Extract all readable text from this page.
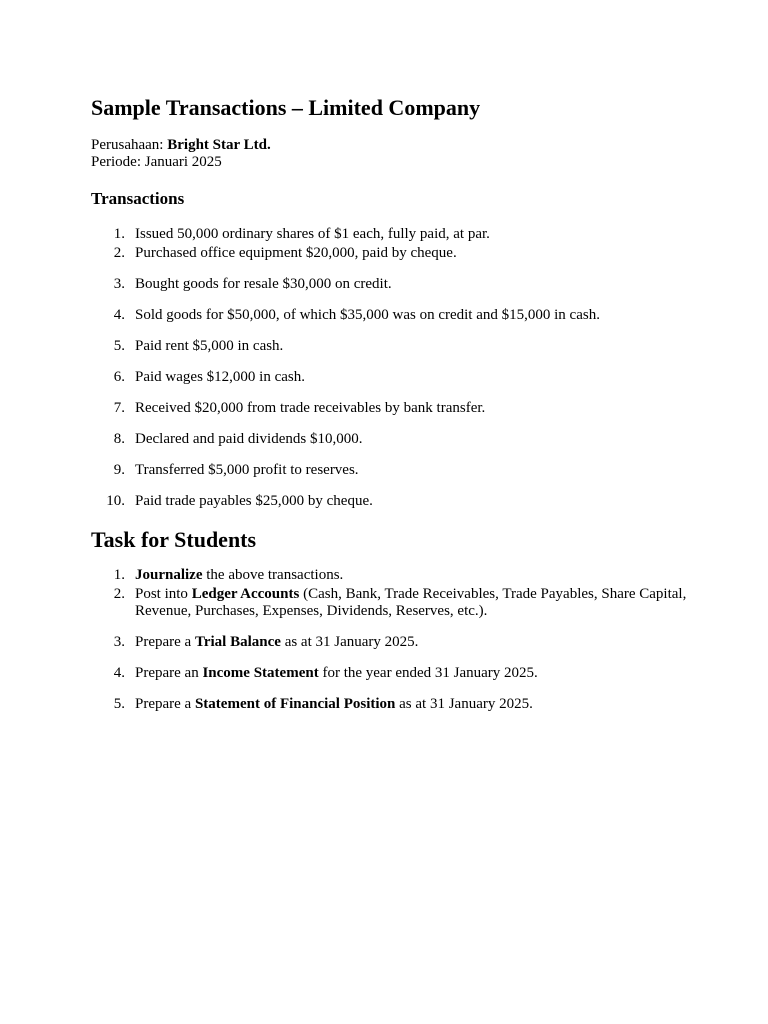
Sample Transactions – Limited Company

Perusahaan: Bright Star Ltd.

Periode: Januari 2025

Transactions
1. Issued 50,000 ordinary shares of $1 each, fully paid, at par.
2. Purchased office equipment $20,000, paid by cheque.
3. Bought goods for resale $30,000 on credit.
4. Sold goods for $50,000, of which $35,000 was on credit and $15,000 in cash.
5. Paid rent $5,000 in cash.
6. Paid wages $12,000 in cash.
7. Received $20,000 from trade receivables by bank transfer.
8. Declared and paid dividends $10,000.
9. Transferred $5,000 profit to reserves.
10. Paid trade payables $25,000 by cheque.
Task for Students
1. Journalize the above transactions.
2. Post into Ledger Accounts (Cash, Bank, Trade Receivables, Trade Payables, Share Capital, Revenue, Purchases, Expenses, Dividends, Reserves, etc.).
3. Prepare a Trial Balance as at 31 January 2025.
4. Prepare an Income Statement for the year ended 31 January 2025.
5. Prepare a Statement of Financial Position as at 31 January 2025.
